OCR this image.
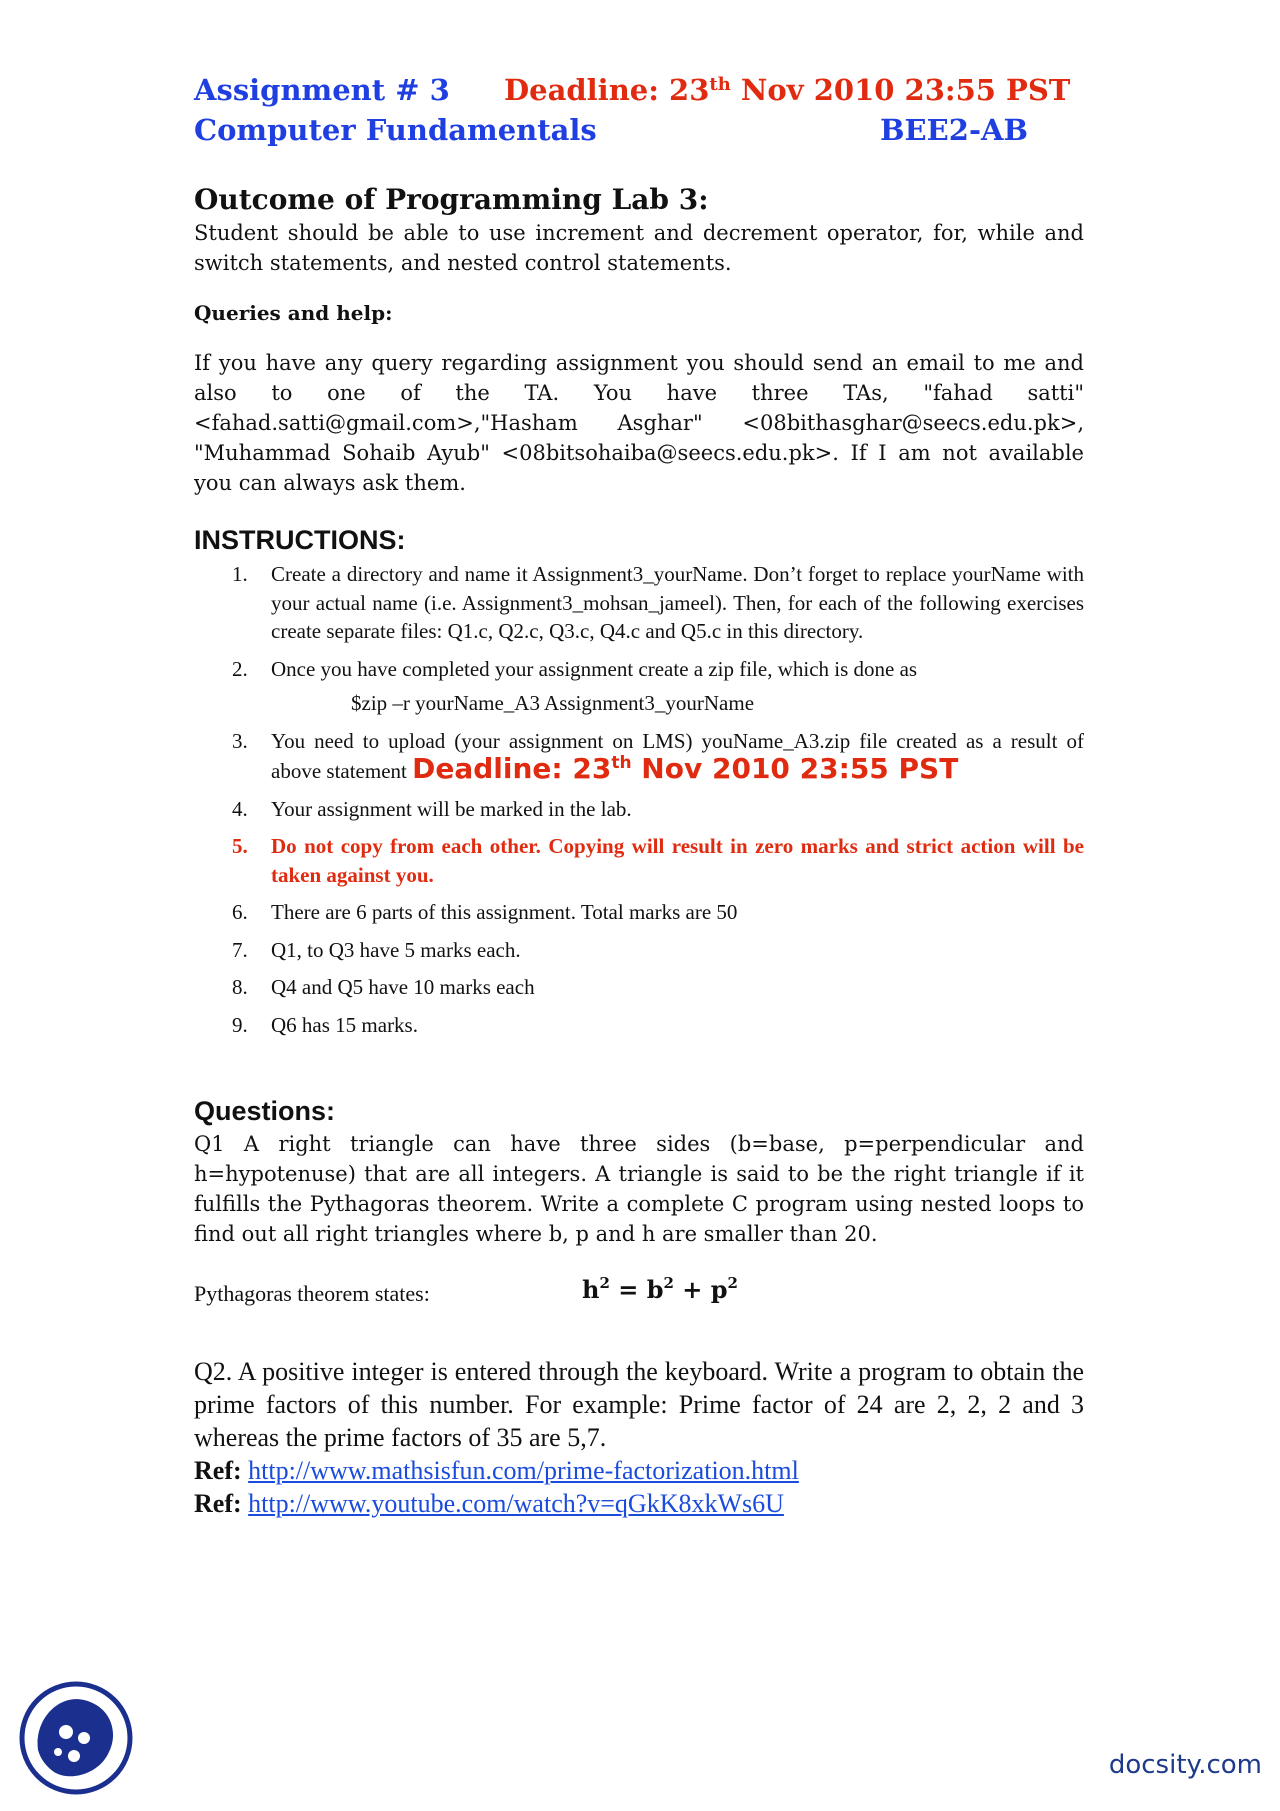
Assignment # 3 Deadline: 23th Nov 2010 23:55 PST
Computer Fundamentals	BEE2-AB
Outcome of Programming Lab 3:
Student should be able to use increment and decrement operator, for, while and switch statements, and nested control statements.
Queries and help:
If you have any query regarding assignment you should send an email to me and also to one of the TA. You have three TAs, "fahad satti" <fahad.satti@gmail.com>,"Hasham Asghar" <08bithasghar@seecs.edu.pk>, "Muhammad Sohaib Ayub" <08bitsohaiba@seecs.edu.pk>. If I am not available you can always ask them.
INSTRUCTIONS:
1. Create a directory and name it Assignment3_yourName. Don’t forget to replace yourName with your actual name (i.e. Assignment3_mohsan_jameel). Then, for each of the following exercises create separate files: Q1.c, Q2.c, Q3.c, Q4.c and Q5.c in this directory.
2. Once you have completed your assignment create a zip file, which is done as
$zip –r yourName_A3 Assignment3_yourName
3. You need to upload (your assignment on LMS) youName_A3.zip file created as a result of above statement Deadline: 23th Nov 2010 23:55 PST
4. Your assignment will be marked in the lab.
5. Do not copy from each other. Copying will result in zero marks and strict action will be taken against you.
6. There are 6 parts of this assignment. Total marks are 50
7. Q1, to Q3 have 5 marks each.
8. Q4 and Q5 have 10 marks each
9. Q6 has 15 marks.
Questions:
Q1 A right triangle can have three sides (b=base, p=perpendicular and h=hypotenuse) that are all integers. A triangle is said to be the right triangle if it fulfills the Pythagoras theorem. Write a complete C program using nested loops to find out all right triangles where b, p and h are smaller than 20.
Pythagoras theorem states:	$h^2 = b^2 + p^2$
Q2. A positive integer is entered through the keyboard. Write a program to obtain the prime factors of this number. For example: Prime factor of 24 are 2, 2, 2 and 3 whereas the prime factors of 35 are 5,7.
Ref: http://www.mathsisfun.com/prime-factorization.html
Ref: http://www.youtube.com/watch?v=qGkK8xkWs6U
docsity.com
